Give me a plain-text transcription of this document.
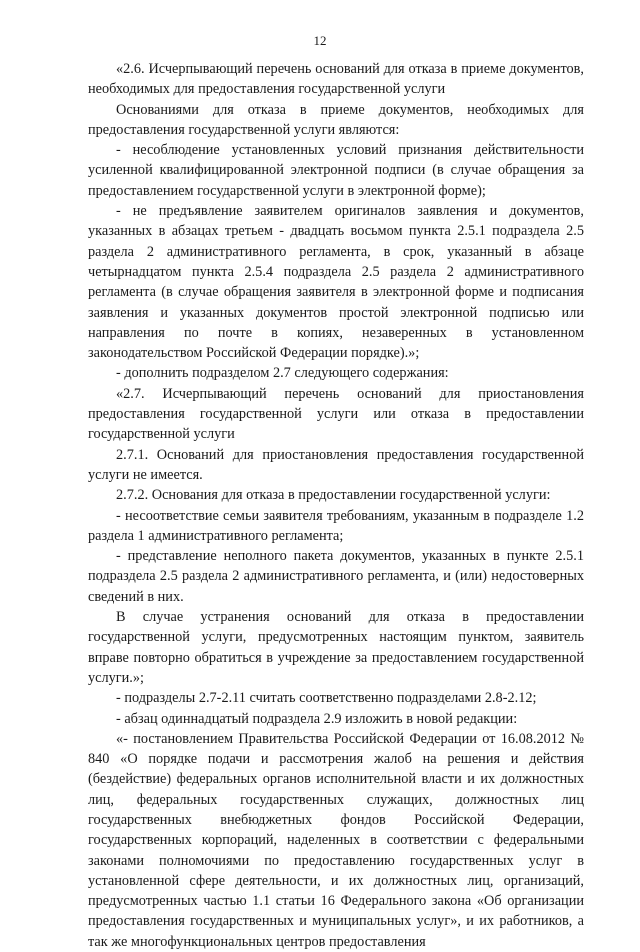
12

«2.6. Исчерпывающий перечень оснований для отказа в приеме документов, необходимых для предоставления государственной услуги

Основаниями для отказа в приеме документов, необходимых для предоставления государственной услуги являются:

- несоблюдение установленных условий признания действительности усиленной квалифицированной электронной подписи (в случае обращения за предоставлением государственной услуги в электронной форме);

- не предъявление заявителем оригиналов заявления и документов, указанных в абзацах третьем - двадцать восьмом пункта 2.5.1 подраздела 2.5 раздела 2 административного регламента, в срок, указанный в абзаце четырнадцатом пункта 2.5.4 подраздела 2.5 раздела 2 административного регламента (в случае обращения заявителя в электронной форме и подписания заявления и указанных документов простой электронной подписью или направления по почте в копиях, незаверенных в установленном законодательством Российской Федерации порядке).»;

- дополнить подразделом 2.7 следующего содержания:

«2.7. Исчерпывающий перечень оснований для приостановления предоставления государственной услуги или отказа в предоставлении государственной услуги

2.7.1. Оснований для приостановления предоставления государственной услуги не имеется.

2.7.2. Основания для отказа в предоставлении государственной услуги:

- несоответствие семьи заявителя требованиям, указанным в подразделе 1.2 раздела 1 административного регламента;

- представление неполного пакета документов, указанных в пункте 2.5.1 подраздела 2.5 раздела 2 административного регламента, и (или) недостоверных сведений в них.

В случае устранения оснований для отказа в предоставлении государственной услуги, предусмотренных настоящим пунктом, заявитель вправе повторно обратиться в учреждение за предоставлением государственной услуги.»;

- подразделы 2.7-2.11 считать соответственно подразделами 2.8-2.12;

- абзац одиннадцатый подраздела 2.9 изложить в новой редакции:

«- постановлением Правительства Российской Федерации от 16.08.2012 № 840 «О порядке подачи и рассмотрения жалоб на решения и действия (бездействие) федеральных органов исполнительной власти и их должностных лиц, федеральных государственных служащих, должностных лиц государственных внебюджетных фондов Российской Федерации, государственных корпораций, наделенных в соответствии с федеральными законами полномочиями по предоставлению государственных услуг в установленной сфере деятельности, и их должностных лиц, организаций, предусмотренных частью 1.1 статьи 16 Федерального закона «Об организации предоставления государственных и муниципальных услуг», и их работников, а так же многофункциональных центров предоставления
